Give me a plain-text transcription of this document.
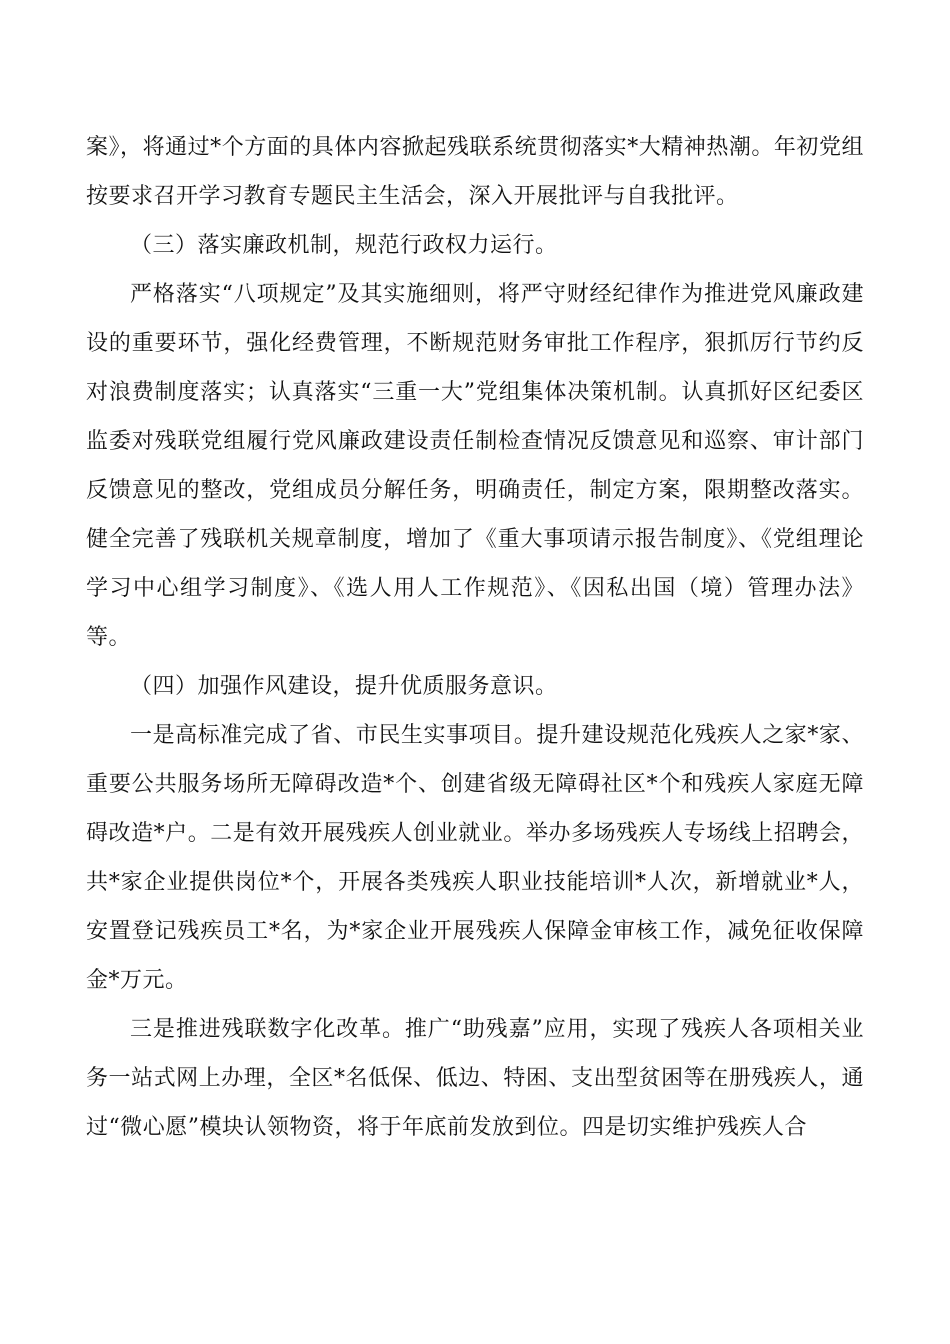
案》，将通过*个方面的具体内容掀起残联系统贯彻落实*大精神热潮。年初党组按要求召开学习教育专题民主生活会，深入开展批评与自我批评。

（三）落实廉政机制，规范行政权力运行。

严格落实“八项规定”及其实施细则，将严守财经纪律作为推进党风廉政建设的重要环节，强化经费管理，不断规范财务审批工作程序，狠抓厉行节约反对浪费制度落实；认真落实“三重一大”党组集体决策机制。认真抓好区纪委区监委对残联党组履行党风廉政建设责任制检查情况反馈意见和巡察、审计部门反馈意见的整改，党组成员分解任务，明确责任，制定方案，限期整改落实。健全完善了残联机关规章制度，增加了《重大事项请示报告制度》、《党组理论学习中心组学习制度》、《选人用人工作规范》、《因私出国（境）管理办法》等。

（四）加强作风建设，提升优质服务意识。

一是高标准完成了省、市民生实事项目。提升建设规范化残疾人之家*家、重要公共服务场所无障碍改造*个、创建省级无障碍社区*个和残疾人家庭无障碍改造*户。二是有效开展残疾人创业就业。举办多场残疾人专场线上招聘会，共*家企业提供岗位*个，开展各类残疾人职业技能培训*人次，新增就业*人，安置登记残疾员工*名，为*家企业开展残疾人保障金审核工作，减免征收保障金*万元。

三是推进残联数字化改革。推广“助残嘉”应用，实现了残疾人各项相关业务一站式网上办理，全区*名低保、低边、特困、支出型贫困等在册残疾人，通过“微心愿”模块认领物资，将于年底前发放到位。四是切实维护残疾人合
